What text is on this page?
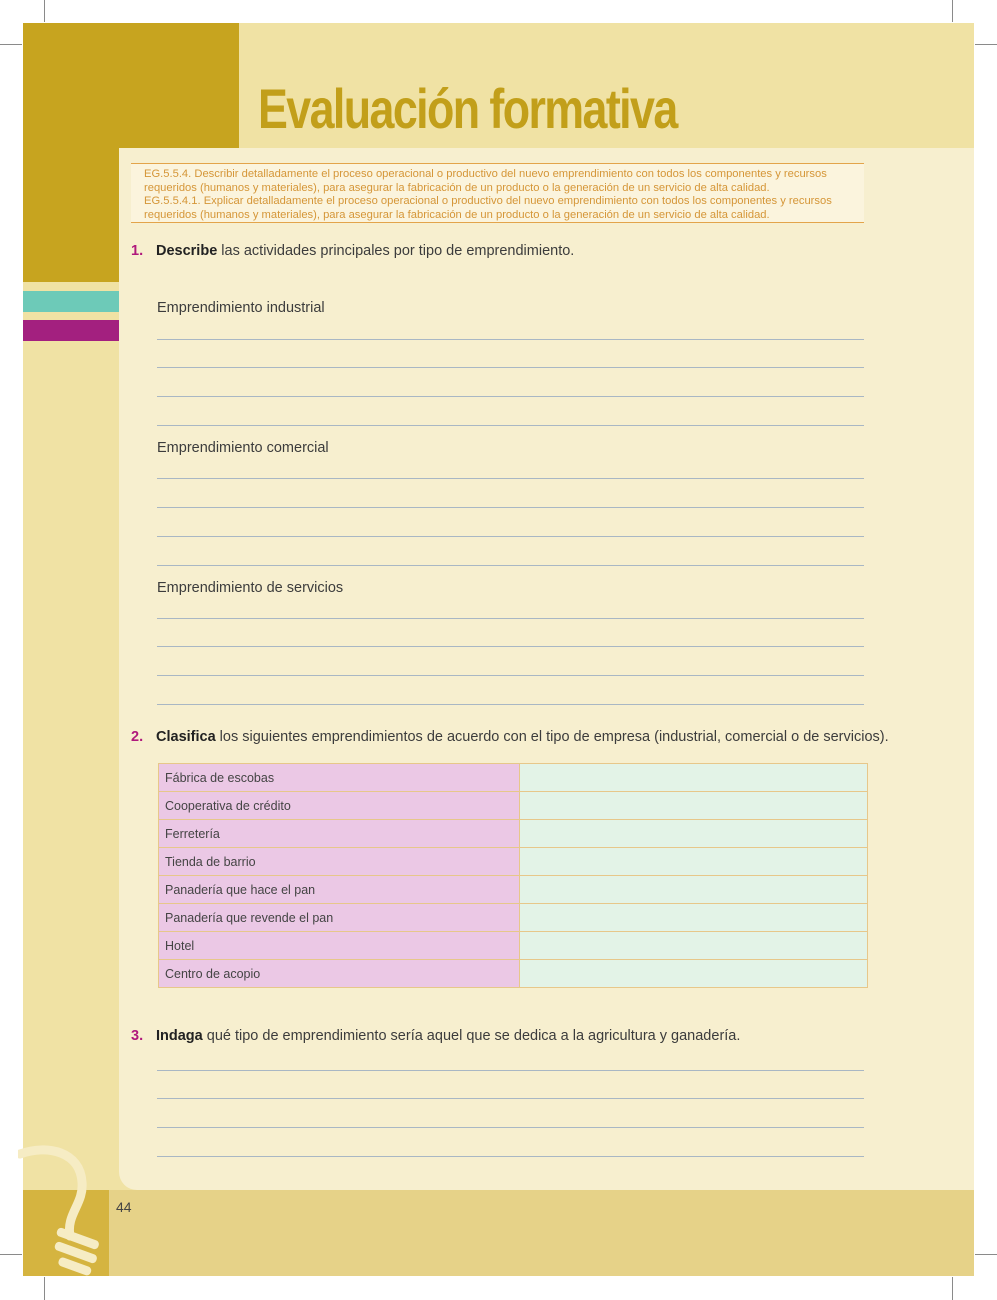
Evaluación formativa

EG.5.5.4. Describir detalladamente el proceso operacional o productivo del nuevo emprendimiento con todos los componentes y recursos

requeridos (humanos y materiales), para asegurar la fabricación de un producto o la generación de un servicio de alta calidad.

EG.5.5.4.1. Explicar detalladamente el proceso operacional o productivo del nuevo emprendimiento con todos los componentes y recursos

requeridos (humanos y materiales), para asegurar la fabricación de un producto o la generación de un servicio de alta calidad.

1. Describe las actividades principales por tipo de emprendimiento.
Emprendimiento industrial
Emprendimiento comercial
Emprendimiento de servicios
2. Clasifica los siguientes emprendimientos de acuerdo con el tipo de empresa (industrial, comercial o de servicios).
Fábrica de escobas	
Cooperativa de crédito	
Ferretería	
Tienda de barrio	
Panadería que hace el pan	
Panadería que revende el pan	
Hotel	
Centro de acopio	
3. Indaga qué tipo de emprendimiento sería aquel que se dedica a la agricultura y ganadería.
44
